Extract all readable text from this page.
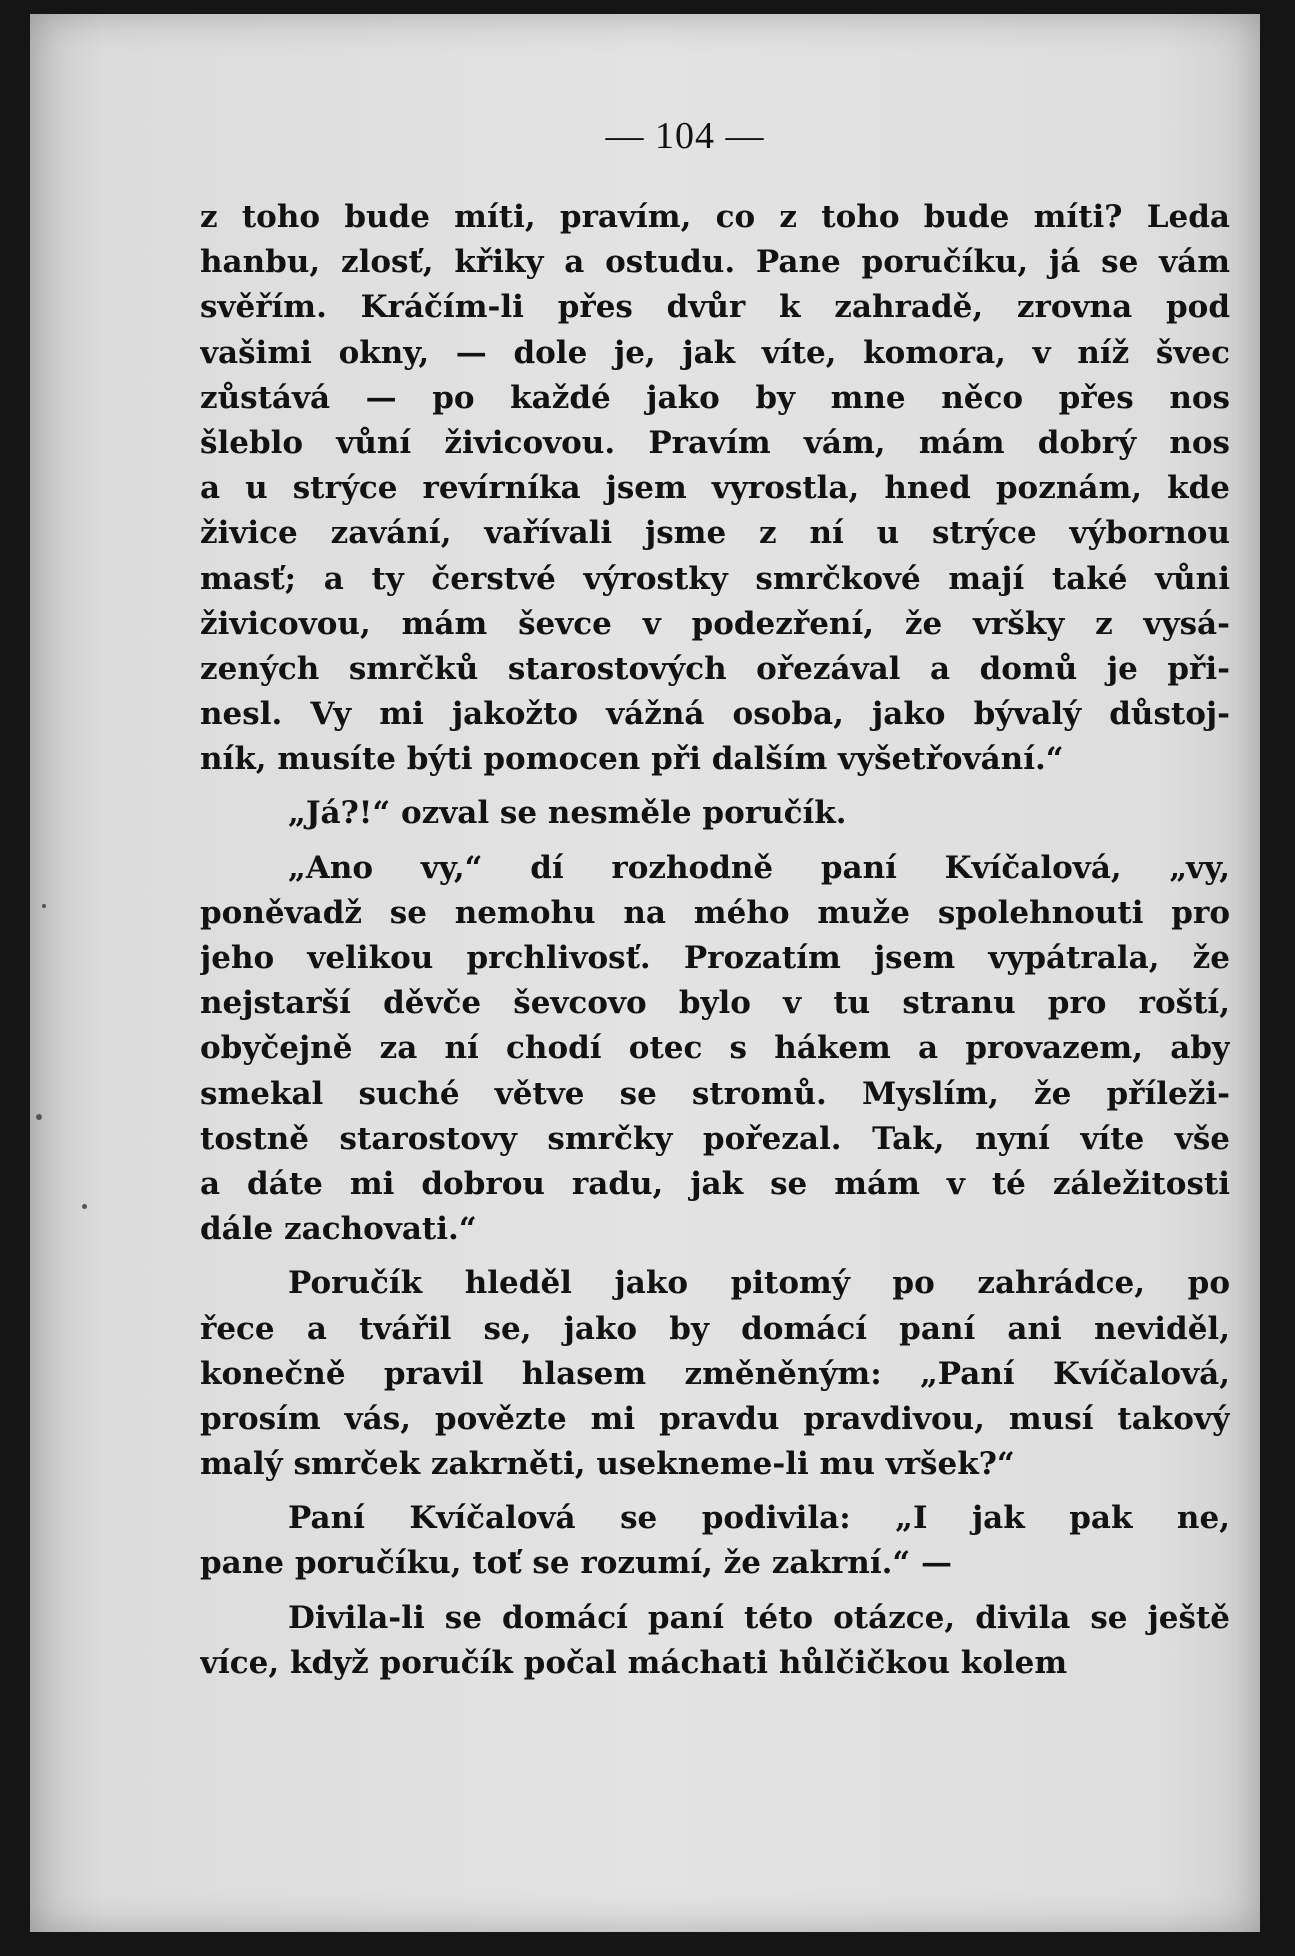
— 104 —
z toho bude míti, pravím, co z toho bude míti? Leda
hanbu, zlosť, křiky a ostudu. Pane poručíku, já se vám
svěřím. Kráčím-li přes dvůr k zahradě, zrovna pod
vašimi okny, — dole je, jak víte, komora, v níž švec
zůstává — po každé jako by mne něco přes nos
šleblo vůní živicovou. Pravím vám, mám dobrý nos
a u strýce revírníka jsem vyrostla, hned poznám, kde
živice zavání, vařívali jsme z ní u strýce výbornou
masť; a ty čerstvé výrostky smrčkové mají také vůni
živicovou, mám ševce v podezření, že vršky z vysá-
zených smrčků starostových ořezával a domů je při-
nesl. Vy mi jakožto vážná osoba, jako bývalý důstoj-
ník, musíte býti pomocen při dalším vyšetřování.“
„Já?!“ ozval se nesměle poručík.
„Ano vy,“ dí rozhodně paní Kvíčalová, „vy,
poněvadž se nemohu na mého muže spolehnouti pro
jeho velikou prchlivosť. Prozatím jsem vypátrala, že
nejstarší děvče ševcovo bylo v tu stranu pro roští,
obyčejně za ní chodí otec s hákem a provazem, aby
smekal suché větve se stromů. Myslím, že příleži-
tostně starostovy smrčky pořezal. Tak, nyní víte vše
a dáte mi dobrou radu, jak se mám v té záležitosti
dále zachovati.“
Poručík hleděl jako pitomý po zahrádce, po
řece a tvářil se, jako by domácí paní ani neviděl,
konečně pravil hlasem změněným: „Paní Kvíčalová,
prosím vás, povězte mi pravdu pravdivou, musí takový
malý smrček zakrněti, usekneme-li mu vršek?“
Paní Kvíčalová se podivila: „I jak pak ne,
pane poručíku, toť se rozumí, že zakrní.“ —
Divila-li se domácí paní této otázce, divila se ještě
více, když poručík počal máchati hůlčičkou kolem
